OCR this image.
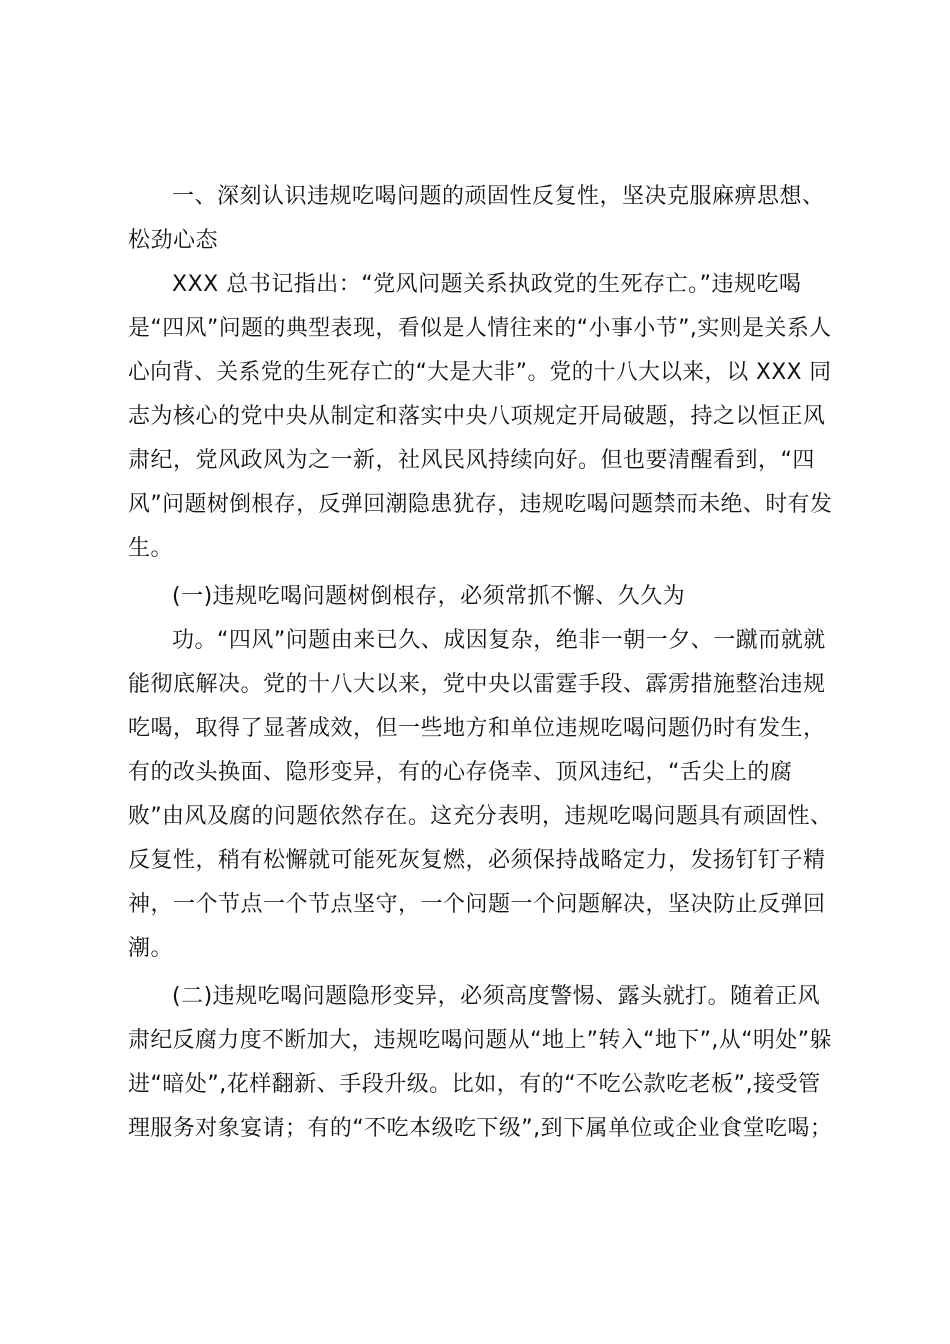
一、深刻认识违规吃喝问题的顽固性反复性，坚决克服麻痹思想、
松劲心态
XXX 总书记指出：“党风问题关系执政党的生死存亡。”违规吃喝
是“四风”问题的典型表现，看似是人情往来的“小事小节”,实则是关系人
心向背、关系党的生死存亡的“大是大非”。党的十八大以来，以 XXX 同
志为核心的党中央从制定和落实中央八项规定开局破题，持之以恒正风
肃纪，党风政风为之一新，社风民风持续向好。但也要清醒看到，“四
风”问题树倒根存，反弹回潮隐患犹存，违规吃喝问题禁而未绝、时有发
生。
(一)违规吃喝问题树倒根存，必须常抓不懈、久久为
功。“四风”问题由来已久、成因复杂，绝非一朝一夕、一蹴而就就
能彻底解决。党的十八大以来，党中央以雷霆手段、霹雳措施整治违规
吃喝，取得了显著成效，但一些地方和单位违规吃喝问题仍时有发生，
有的改头换面、隐形变异，有的心存侥幸、顶风违纪，“舌尖上的腐
败”由风及腐的问题依然存在。这充分表明，违规吃喝问题具有顽固性、
反复性，稍有松懈就可能死灰复燃，必须保持战略定力，发扬钉钉子精
神，一个节点一个节点坚守，一个问题一个问题解决，坚决防止反弹回
潮。
(二)违规吃喝问题隐形变异，必须高度警惕、露头就打。随着正风
肃纪反腐力度不断加大，违规吃喝问题从“地上”转入“地下”,从“明处”躲
进“暗处”,花样翻新、手段升级。比如，有的“不吃公款吃老板”,接受管
理服务对象宴请；有的“不吃本级吃下级”,到下属单位或企业食堂吃喝；
